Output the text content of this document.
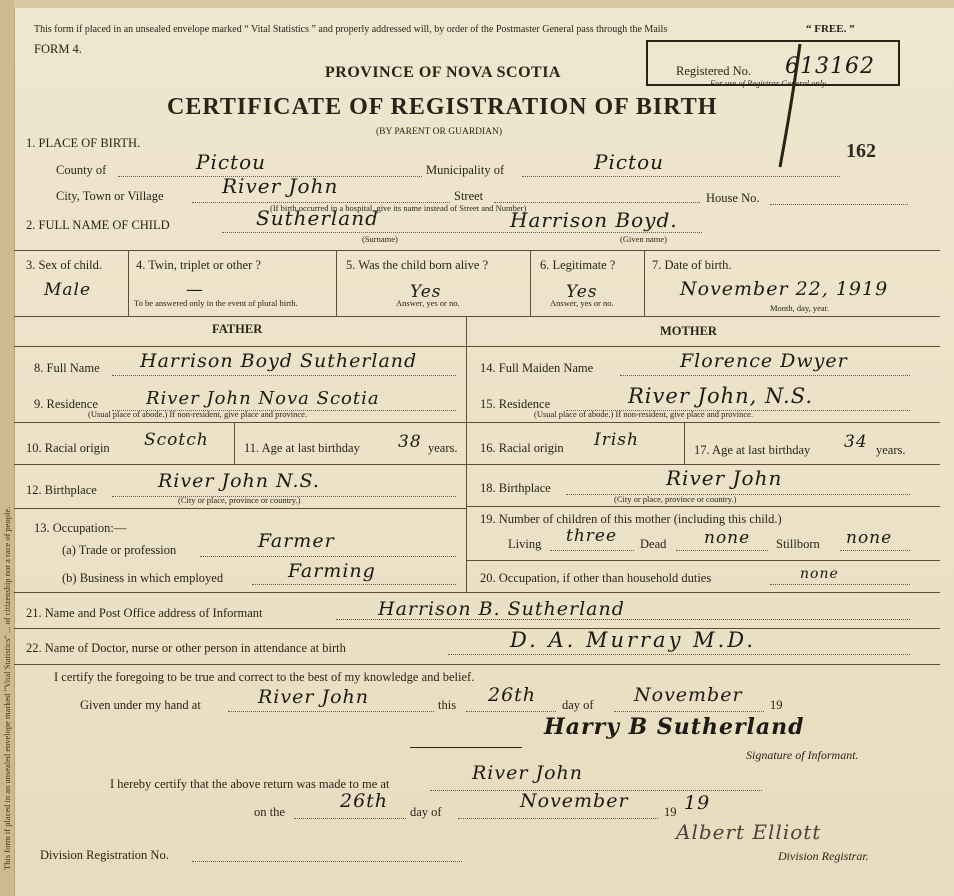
This form if placed in an unsealed envelope marked "Vital Statistics" ... of citizenship nor a race of people.
This form if placed in an unsealed envelope marked “ Vital Statistics ” and properly addressed will, by order of the Postmaster General pass through the Mails	“ FREE. ”
FORM 4.
PROVINCE OF NOVA SCOTIA
CERTIFICATE OF REGISTRATION OF BIRTH
(BY PARENT OR GUARDIAN)
Registered No. 613162
For use of Registrar General only.
162
1. PLACE OF BIRTH.
County of	Pictou	Municipality of	Pictou
City, Town or Village	River John	Street
(If birth occurred in a hospital, give its name instead of Street and Number)
House No.
2. FULL NAME OF CHILD	Sutherland	Harrison Boyd.
(Surname)	(Given name)
3. Sex of child.
Male
4. Twin, triplet or other ?
—
To be answered only in the event of plural birth.
5. Was the child born alive ?
Yes
Answer, yes or no.
6. Legitimate ?
Yes
Answer, yes or no.
7. Date of birth.
November 22, 1919
Month, day, year.
FATHER	MOTHER
8. Full Name Harrison Boyd Sutherland
9. Residence	River John Nova Scotia
(Usual place of abode.) If non-resident, give place and province.
10. Racial origin Scotch	11. Age at last birthday 38 years.
12. Birthplace	River John N.S.
(City or place, province or country.)
13. Occupation:—
(a) Trade or profession	Farmer
(b) Business in which employed	Farming
14. Full Maiden Name	Florence Dwyer
15. Residence	River John, N.S.
(Usual place of abode.) If non-resident, give place and province.
16. Racial origin Irish	17. Age at last birthday 34 years.
18. Birthplace	River John
(City or place, province or country.)
19. Number of children of this mother (including this child.)
Living three Dead none Stillborn none
20. Occupation, if other than household duties	none
21. Name and Post Office address of Informant	Harrison B. Sutherland
22. Name of Doctor, nurse or other person in attendance at birth	D. A. Murray M.D.
I certify the foregoing to be true and correct to the best of my knowledge and belief.
Given under my hand at	River John	this 26th day of November 19
Harry B Sutherland
Signature of Informant.
I hereby certify that the above return was made to me at	River John
on the	26th day of	November	19 19
Division Registration No.
Albert Elliott
Division Registrar.
